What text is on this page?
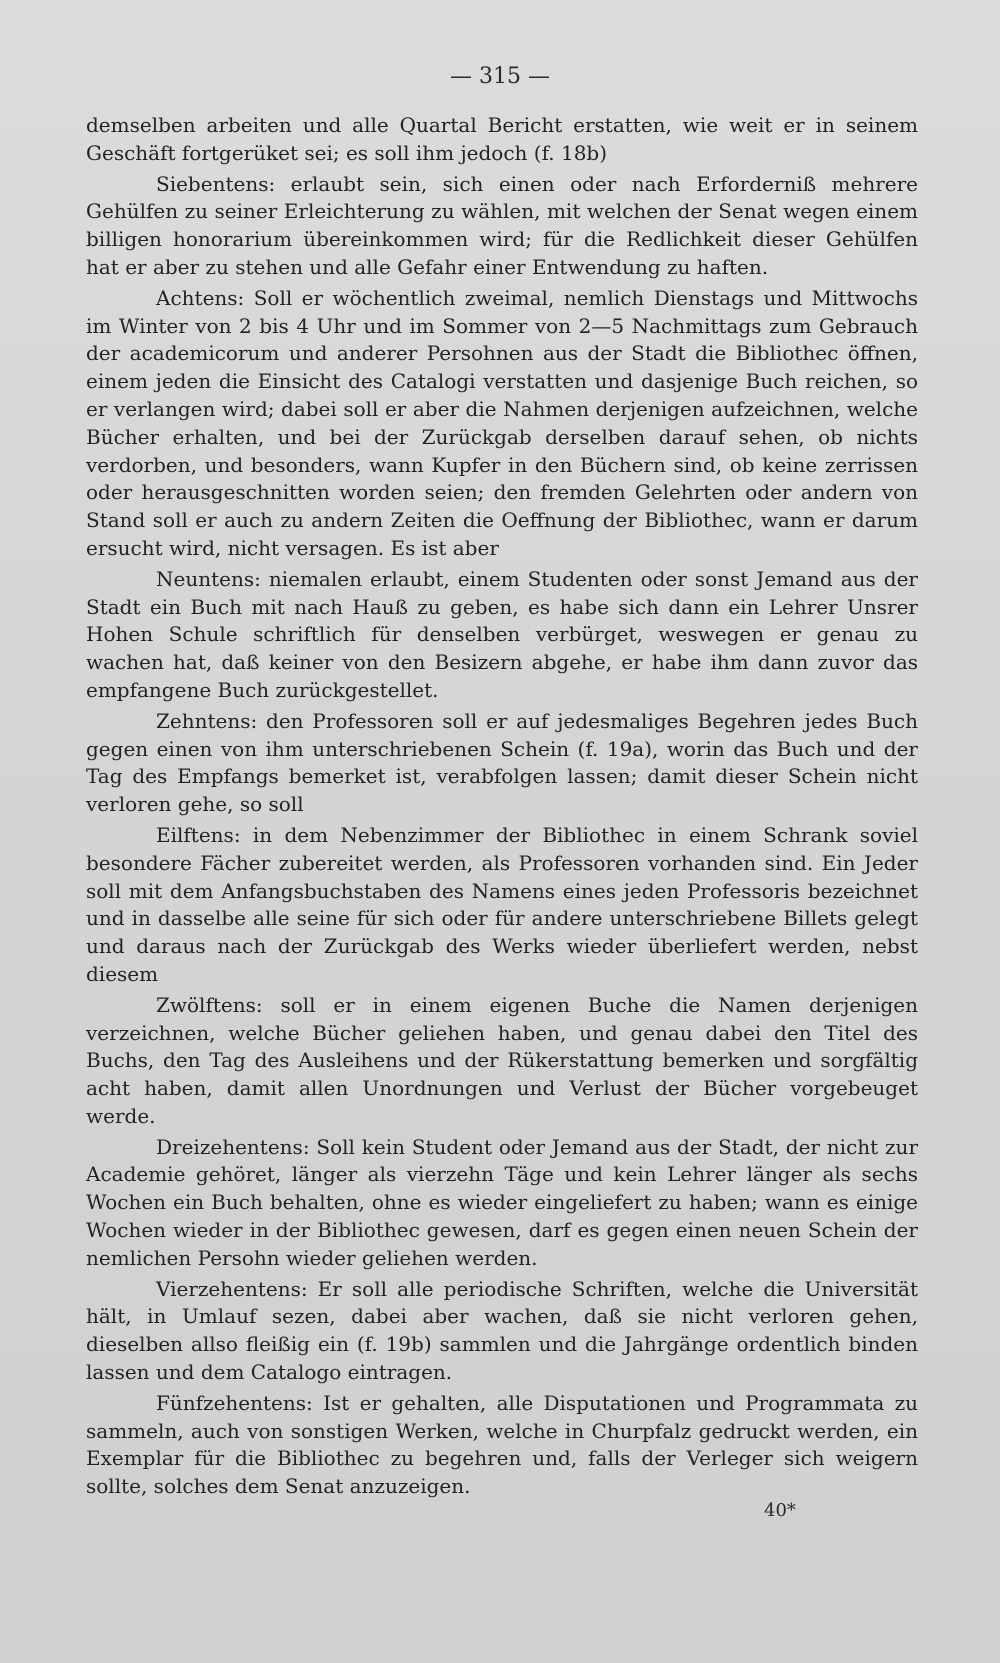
— 315 —

demselben arbeiten und alle Quartal Bericht erstatten, wie weit er in seinem Geschäft fortgerüket sei; es soll ihm jedoch (f. 18b)

Siebentens: erlaubt sein, sich einen oder nach Erforderniß mehrere Gehülfen zu seiner Erleichterung zu wählen, mit welchen der Senat wegen einem billigen honorarium übereinkommen wird; für die Redlichkeit dieser Gehülfen hat er aber zu stehen und alle Gefahr einer Entwendung zu haften.

Achtens: Soll er wöchentlich zweimal, nemlich Dienstags und Mittwochs im Winter von 2 bis 4 Uhr und im Sommer von 2—5 Nachmittags zum Gebrauch der academicorum und anderer Persohnen aus der Stadt die Bibliothec öffnen, einem jeden die Einsicht des Catalogi verstatten und dasjenige Buch reichen, so er verlangen wird; dabei soll er aber die Nahmen derjenigen aufzeichnen, welche Bücher erhalten, und bei der Zurückgab derselben darauf sehen, ob nichts verdorben, und besonders, wann Kupfer in den Büchern sind, ob keine zerrissen oder herausgeschnitten worden seien; den fremden Gelehrten oder andern von Stand soll er auch zu andern Zeiten die Oeffnung der Bibliothec, wann er darum ersucht wird, nicht versagen. Es ist aber

Neuntens: niemalen erlaubt, einem Studenten oder sonst Jemand aus der Stadt ein Buch mit nach Hauß zu geben, es habe sich dann ein Lehrer Unsrer Hohen Schule schriftlich für denselben verbürget, weswegen er genau zu wachen hat, daß keiner von den Besizern abgehe, er habe ihm dann zuvor das empfangene Buch zurückgestellet.

Zehntens: den Professoren soll er auf jedesmaliges Begehren jedes Buch gegen einen von ihm unterschriebenen Schein (f. 19a), worin das Buch und der Tag des Empfangs bemerket ist, verabfolgen lassen; damit dieser Schein nicht verloren gehe, so soll

Eilftens: in dem Nebenzimmer der Bibliothec in einem Schrank soviel besondere Fächer zubereitet werden, als Professoren vorhanden sind. Ein Jeder soll mit dem Anfangsbuchstaben des Namens eines jeden Professoris bezeichnet und in dasselbe alle seine für sich oder für andere unterschriebene Billets gelegt und daraus nach der Zurückgab des Werks wieder überliefert werden, nebst diesem

Zwölftens: soll er in einem eigenen Buche die Namen derjenigen verzeichnen, welche Bücher geliehen haben, und genau dabei den Titel des Buchs, den Tag des Ausleihens und der Rükerstattung bemerken und sorgfältig acht haben, damit allen Unordnungen und Verlust der Bücher vorgebeuget werde.

Dreizehentens: Soll kein Student oder Jemand aus der Stadt, der nicht zur Academie gehöret, länger als vierzehn Täge und kein Lehrer länger als sechs Wochen ein Buch behalten, ohne es wieder eingeliefert zu haben; wann es einige Wochen wieder in der Bibliothec gewesen, darf es gegen einen neuen Schein der nemlichen Persohn wieder geliehen werden.

Vierzehentens: Er soll alle periodische Schriften, welche die Universität hält, in Umlauf sezen, dabei aber wachen, daß sie nicht verloren gehen, dieselben allso fleißig ein (f. 19b) sammlen und die Jahrgänge ordentlich binden lassen und dem Catalogo eintragen.

Fünfzehentens: Ist er gehalten, alle Disputationen und Programmata zu sammeln, auch von sonstigen Werken, welche in Churpfalz gedruckt werden, ein Exemplar für die Bibliothec zu begehren und, falls der Verleger sich weigern sollte, solches dem Senat anzuzeigen.

40*
